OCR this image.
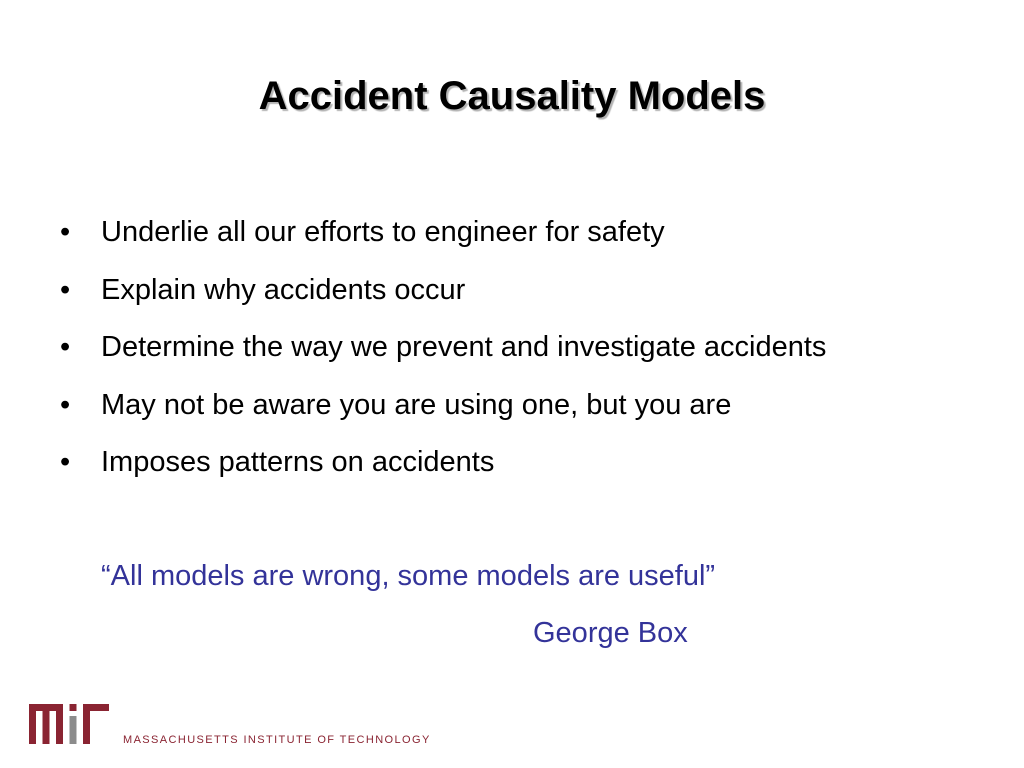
Accident Causality Models
•	Underlie all our efforts to engineer for safety
•	Explain why accidents occur
•	Determine the way we prevent and investigate accidents
•	May not be aware you are using one, but you are
•	Imposes patterns on accidents
“All models are wrong, some models are useful”
George Box
MASSACHUSETTS INSTITUTE OF TECHNOLOGY
